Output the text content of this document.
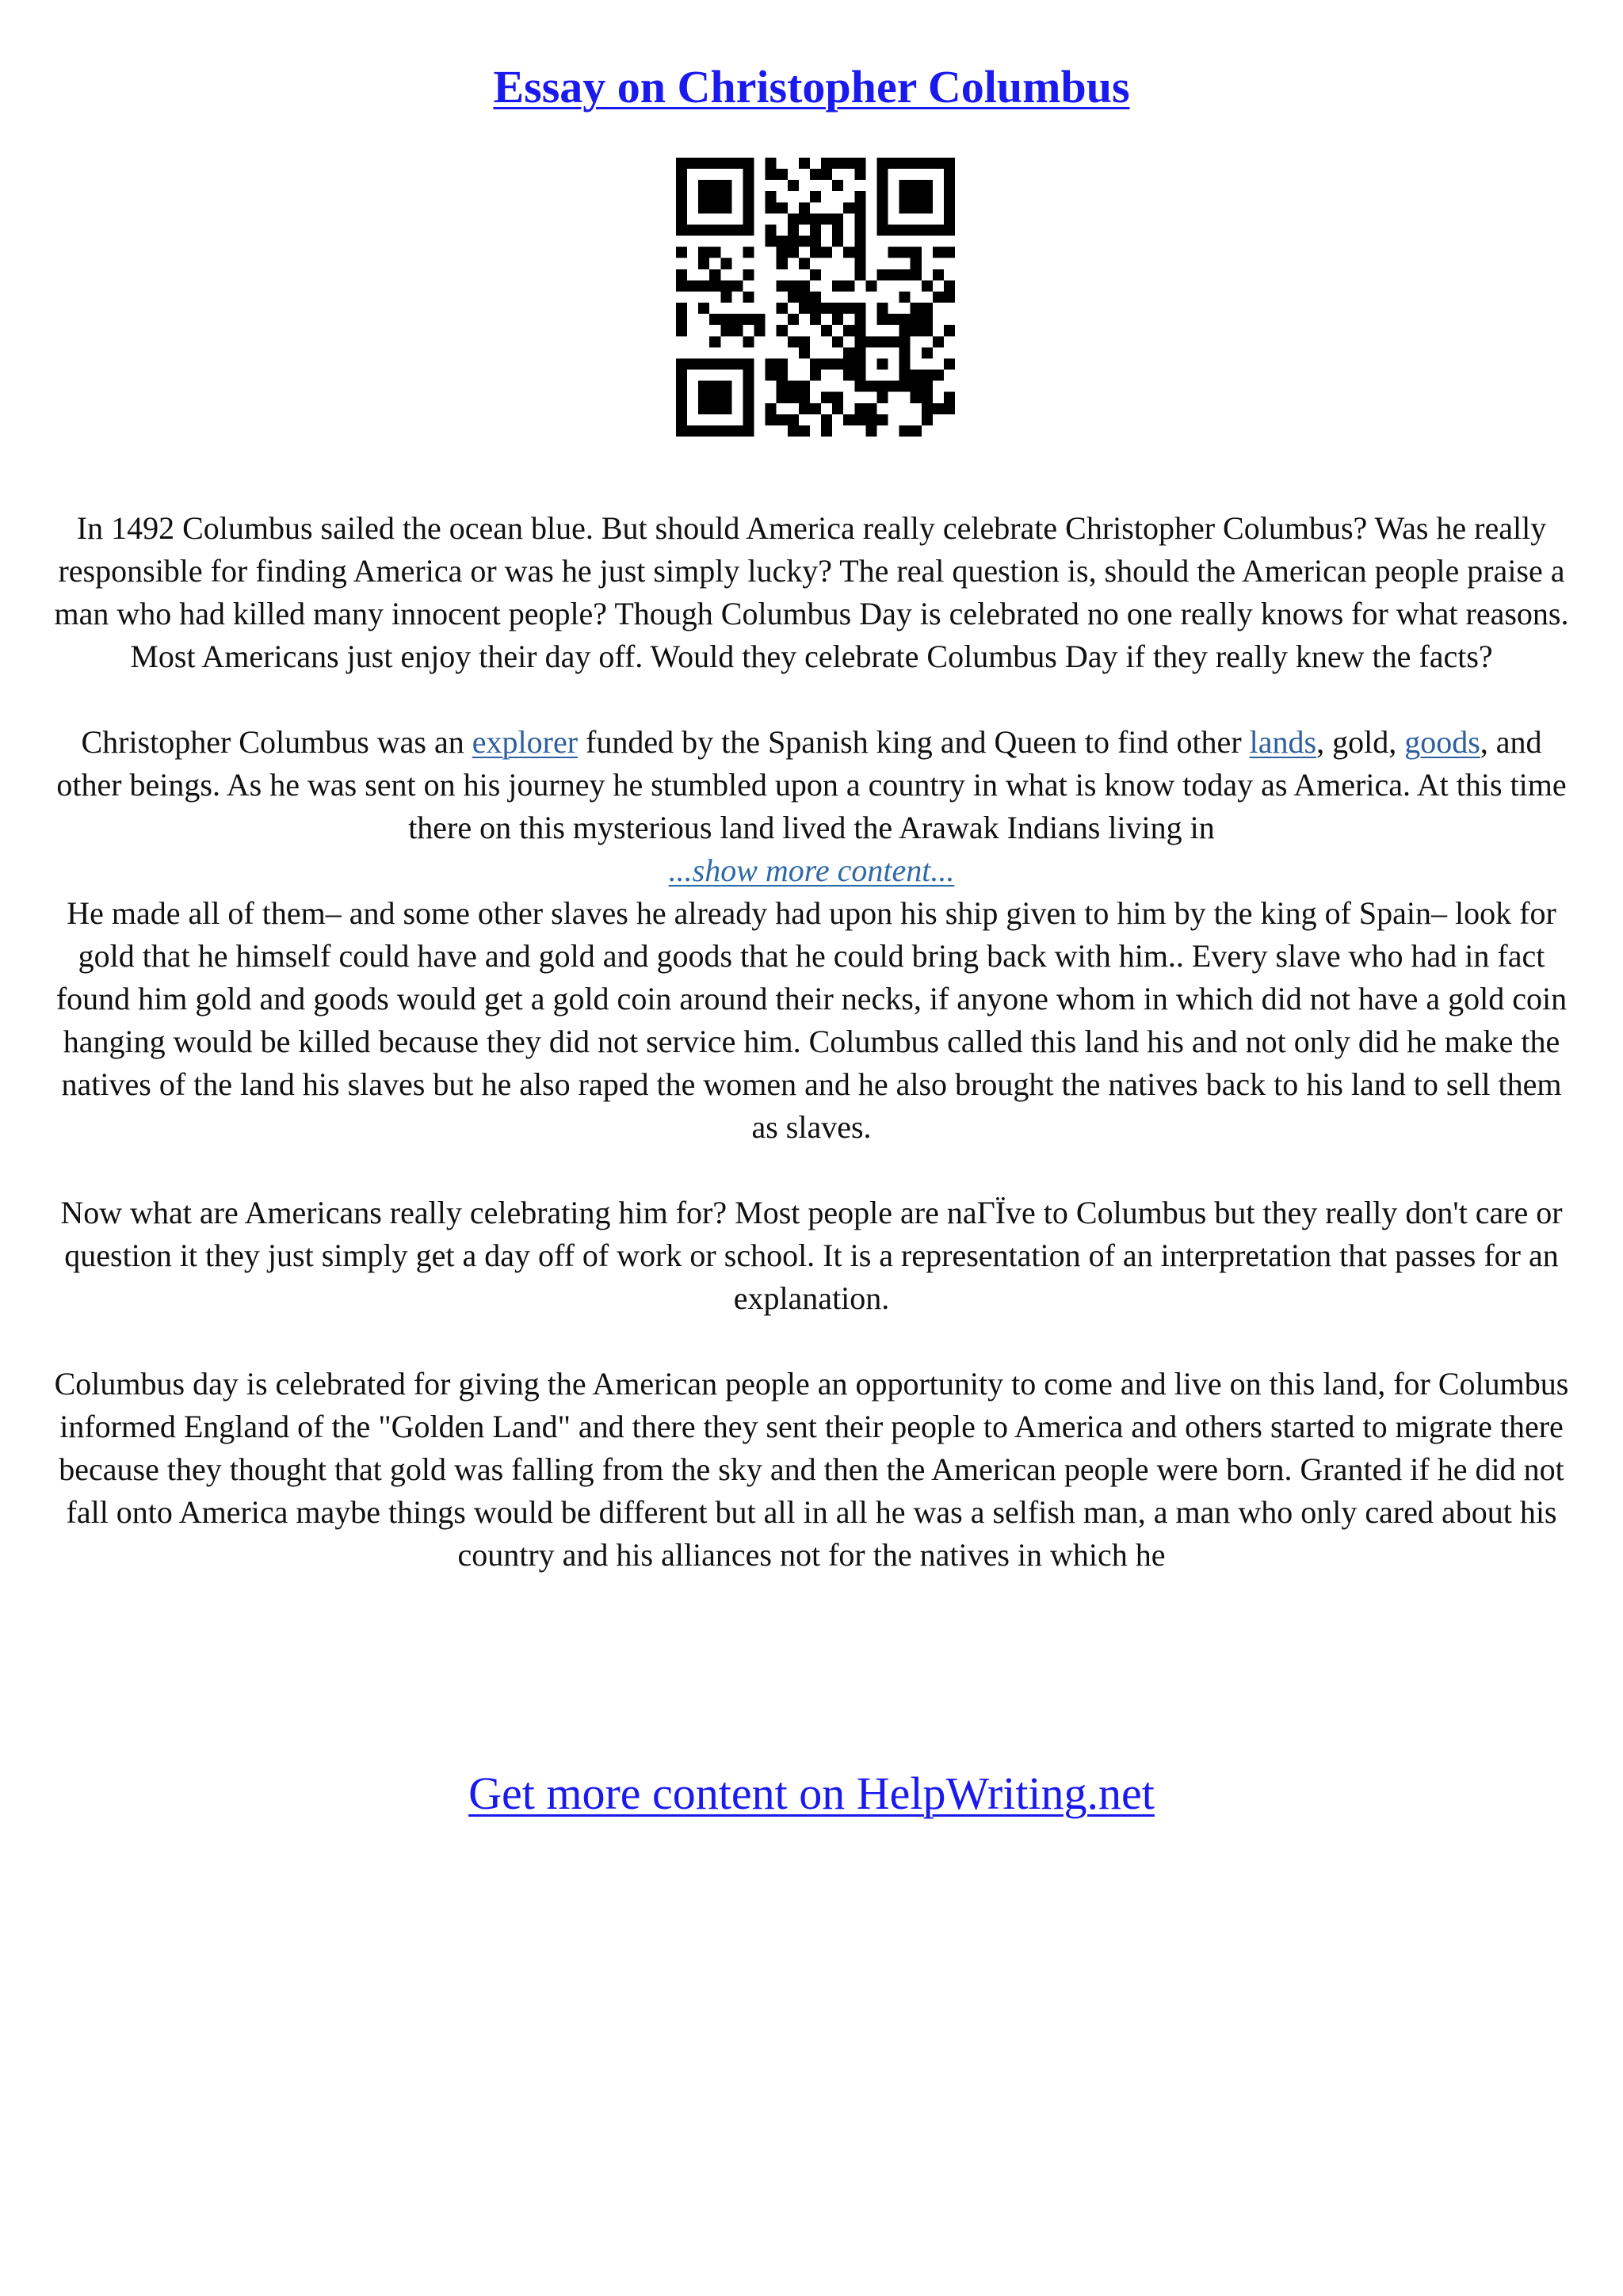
Essay on Christopher Columbus

In 1492 Columbus sailed the ocean blue. But should America really celebrate Christopher Columbus? Was he really responsible for finding America or was he just simply lucky? The real question is, should the American people praise a man who had killed many innocent people? Though Columbus Day is celebrated no one really knows for what reasons. Most Americans just enjoy their day off. Would they celebrate Columbus Day if they really knew the facts?

Christopher Columbus was an explorer funded by the Spanish king and Queen to find other lands, gold, goods, and other beings. As he was sent on his journey he stumbled upon a country in what is know today as America. At this time there on this mysterious land lived the Arawak Indians living in

...show more content...

He made all of them– and some other slaves he already had upon his ship given to him by the king of Spain– look for gold that he himself could have and gold and goods that he could bring back with him.. Every slave who had in fact found him gold and goods would get a gold coin around their necks, if anyone whom in which did not have a gold coin hanging would be killed because they did not service him. Columbus called this land his and not only did he make the natives of the land his slaves but he also raped the women and he also brought the natives back to his land to sell them as slaves.

Now what are Americans really celebrating him for? Most people are naΓЇve to Columbus but they really don't care or question it they just simply get a day off of work or school. It is a representation of an interpretation that passes for an explanation.

Columbus day is celebrated for giving the American people an opportunity to come and live on this land, for Columbus informed England of the "Golden Land" and there they sent their people to America and others started to migrate there because they thought that gold was falling from the sky and then the American people were born. Granted if he did not fall onto America maybe things would be different but all in all he was a selfish man, a man who only cared about his country and his alliances not for the natives in which he

Get more content on HelpWriting.net
